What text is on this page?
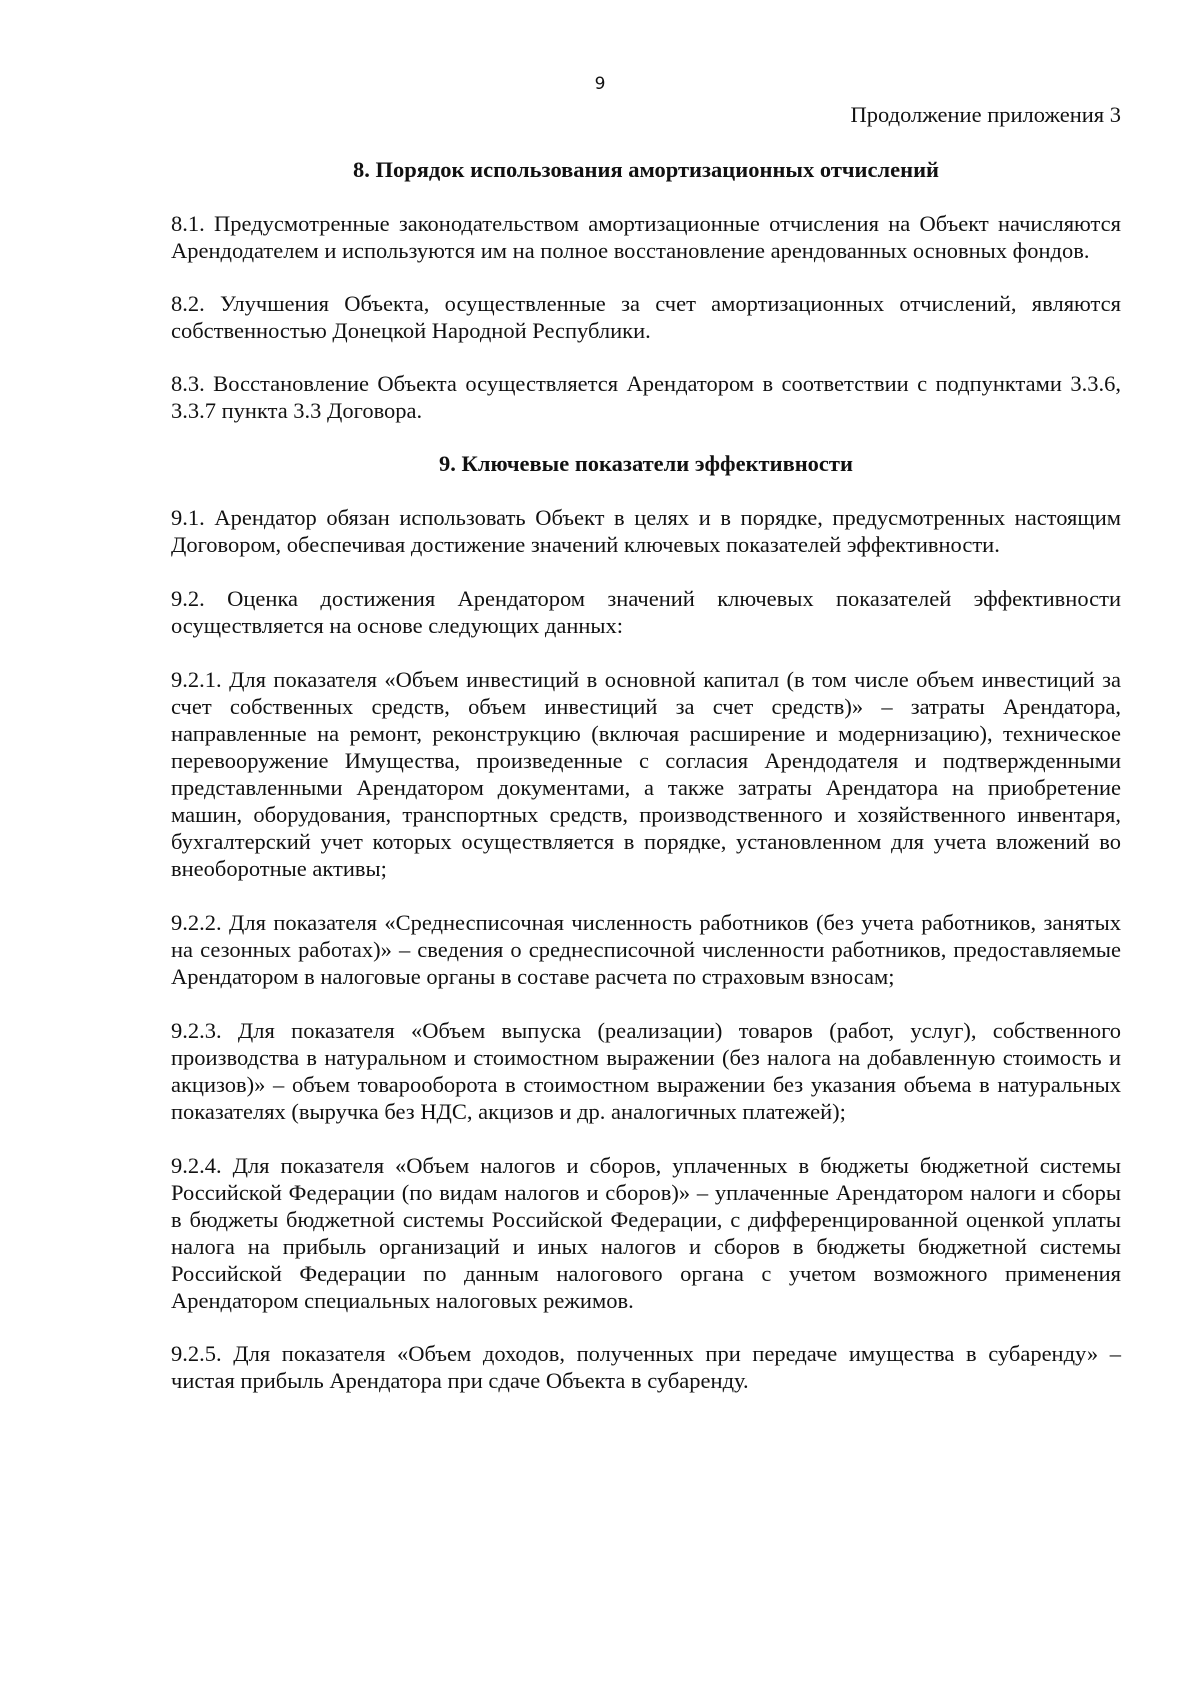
9
Продолжение приложения 3
8. Порядок использования амортизационных отчислений

8.1. Предусмотренные законодательством амортизационные отчисления на Объект начисляются Арендодателем и используются им на полное восстановление арендованных основных фондов.

8.2. Улучшения Объекта, осуществленные за счет амортизационных отчислений, являются собственностью Донецкой Народной Республики.

8.3. Восстановление Объекта осуществляется Арендатором в соответствии с подпунктами 3.3.6, 3.3.7 пункта 3.3 Договора.

9. Ключевые показатели эффективности

9.1. Арендатор обязан использовать Объект в целях и в порядке, предусмотренных настоящим Договором, обеспечивая достижение значений ключевых показателей эффективности.

9.2. Оценка достижения Арендатором значений ключевых показателей эффективности осуществляется на основе следующих данных:

9.2.1. Для показателя «Объем инвестиций в основной капитал (в том числе объем инвестиций за счет собственных средств, объем инвестиций за счет средств)» – затраты Арендатора, направленные на ремонт, реконструкцию (включая расширение и модернизацию), техническое перевооружение Имущества, произведенные с согласия Арендодателя и подтвержденными представленными Арендатором документами, а также затраты Арендатора на приобретение машин, оборудования, транспортных средств, производственного и хозяйственного инвентаря, бухгалтерский учет которых осуществляется в порядке, установленном для учета вложений во внеоборотные активы;

9.2.2. Для показателя «Среднесписочная численность работников (без учета работников, занятых на сезонных работах)» – сведения о среднесписочной численности работников, предоставляемые Арендатором в налоговые органы в составе расчета по страховым взносам;

9.2.3. Для показателя «Объем выпуска (реализации) товаров (работ, услуг), собственного производства в натуральном и стоимостном выражении (без налога на добавленную стоимость и акцизов)» – объем товарооборота в стоимостном выражении без указания объема в натуральных показателях (выручка без НДС, акцизов и др. аналогичных платежей);

9.2.4. Для показателя «Объем налогов и сборов, уплаченных в бюджеты бюджетной системы Российской Федерации (по видам налогов и сборов)» – уплаченные Арендатором налоги и сборы в бюджеты бюджетной системы Российской Федерации, с дифференцированной оценкой уплаты налога на прибыль организаций и иных налогов и сборов в бюджеты бюджетной системы Российской Федерации по данным налогового органа с учетом возможного применения Арендатором специальных налоговых режимов.

9.2.5. Для показателя «Объем доходов, полученных при передаче имущества в субаренду» – чистая прибыль Арендатора при сдаче Объекта в субаренду.
